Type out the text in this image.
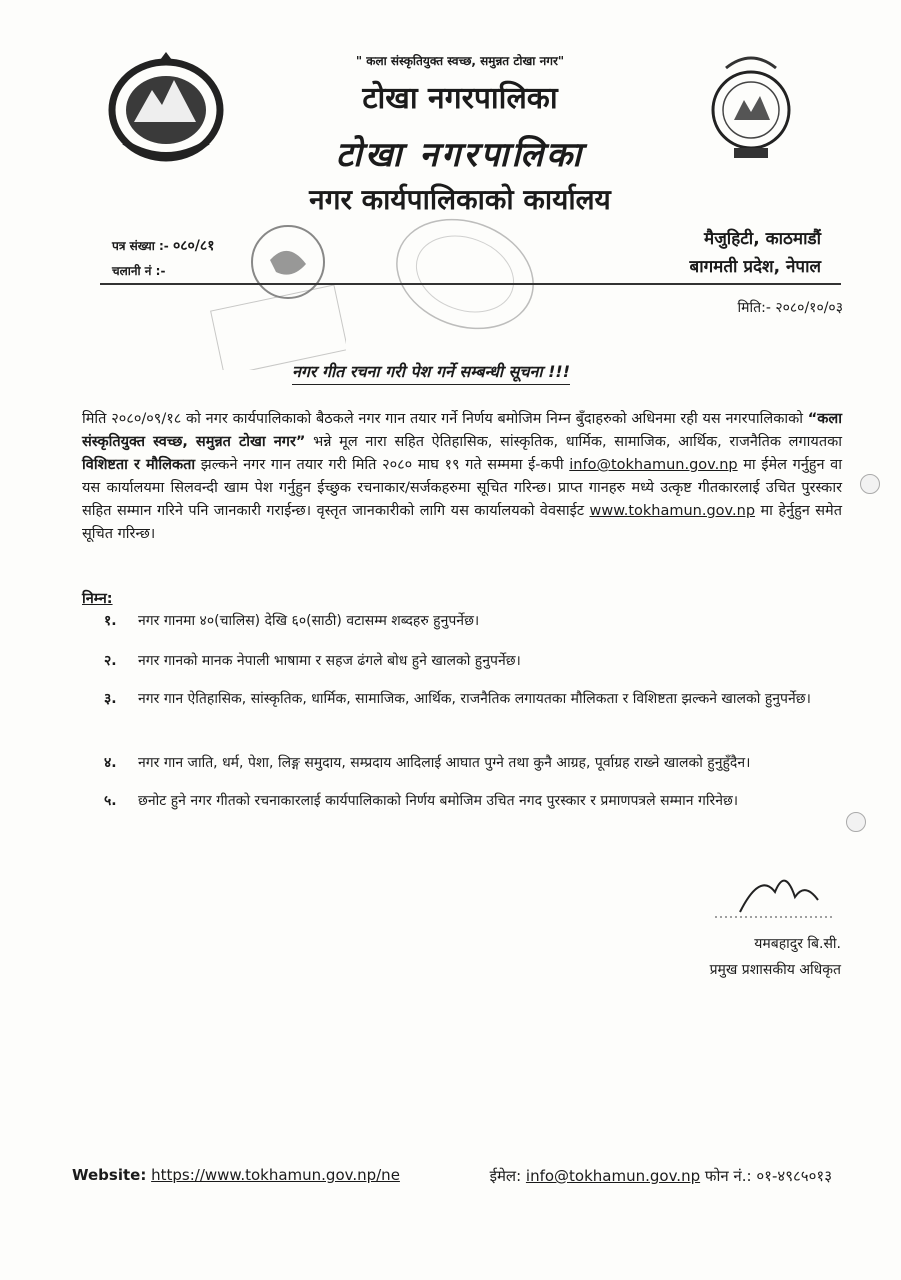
" कला संस्कृतियुक्त स्वच्छ, समुन्नत टोखा नगर"
टोखा नगरपालिका
टोखा नगरपालिका
नगर कार्यपालिकाको कार्यालय
पत्र संख्या :- ०८०/८१
चलानी नं :-
मैजुहिटी, काठमाडौं
बागमती प्रदेश, नेपाल
मिति:- २०८०/१०/०३
नगर गीत रचना गरी पेश गर्ने सम्बन्धी सूचना !!!
मिति २०८०/०९/१८ को नगर कार्यपालिकाको बैठकले नगर गान तयार गर्ने निर्णय बमोजिम निम्न बुँदाहरुको अधिनमा रही यस नगरपालिकाको “कला संस्कृतियुक्त स्वच्छ, समुन्नत टोखा नगर” भन्ने मूल नारा सहित ऐतिहासिक, सांस्कृतिक, धार्मिक, सामाजिक, आर्थिक, राजनैतिक लगायतका विशिष्टता र मौलिकता झल्कने नगर गान तयार गरी मिति २०८० माघ १९ गते सम्ममा ई-कपी info@tokhamun.gov.np मा ईमेल गर्नुहुन वा यस कार्यालयमा सिलवन्दी खाम पेश गर्नुहुन ईच्छुक रचनाकार/सर्जकहरुमा सूचित गरिन्छ। प्राप्त गानहरु मध्ये उत्कृष्ट गीतकारलाई उचित पुरस्कार सहित सम्मान गरिने पनि जानकारी गराईन्छ। वृस्तृत जानकारीको लागि यस कार्यालयको वेवसाईट www.tokhamun.gov.np मा हेर्नुहुन समेत सूचित गरिन्छ।
निम्न:
१.	नगर गानमा ४०(चालिस) देखि ६०(साठी) वटासम्म शब्दहरु हुनुपर्नेछ।
२.	नगर गानको मानक नेपाली भाषामा र सहज ढंगले बोध हुने खालको हुनुपर्नेछ।
३.	नगर गान ऐतिहासिक, सांस्कृतिक, धार्मिक, सामाजिक, आर्थिक, राजनैतिक लगायतका मौलिकता र विशिष्टता झल्कने खालको हुनुपर्नेछ।
४.	नगर गान जाति, धर्म, पेशा, लिङ्ग समुदाय, सम्प्रदाय आदिलाई आघात पुग्ने तथा कुनै आग्रह, पूर्वाग्रह राख्ने खालको हुनुहुँदैन।
५.	छनोट हुने नगर गीतको रचनाकारलाई कार्यपालिकाको निर्णय बमोजिम उचित नगद पुरस्कार र प्रमाणपत्रले सम्मान गरिनेछ।
यमबहादुर बि.सी.
प्रमुख प्रशासकीय अधिकृत
Website: https://www.tokhamun.gov.np/ne	ईमेल: info@tokhamun.gov.np फोन नं.: ०१-४९८५०१३
